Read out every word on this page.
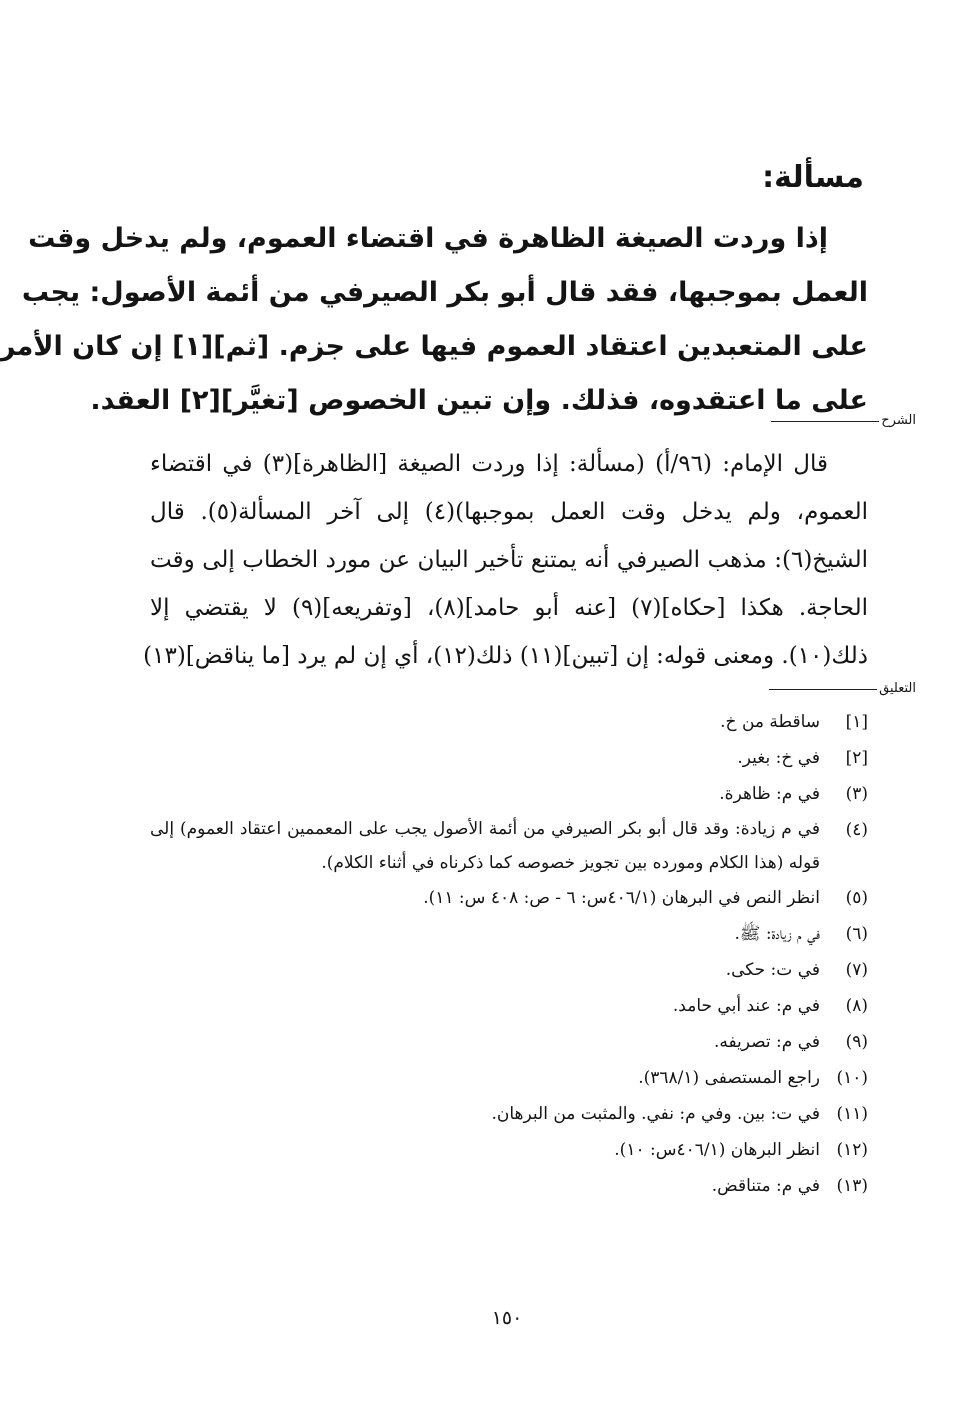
مسألة:
إذا وردت الصيغة الظاهرة في اقتضاء العموم، ولم يدخل وقت
العمل بموجبها، فقد قال أبو بكر الصيرفي من أئمة الأصول: يجب
على المتعبدين اعتقاد العموم فيها على جزم. [ثم][١] إن كان الأمر
على ما اعتقدوه، فذلك. وإن تبين الخصوص [تغيَّر][٢] العقد.
الشرح
قال الإمام: (٩٦/أ) (مسألة: إذا وردت الصيغة [الظاهرة](٣) في اقتضاء
العموم، ولم يدخل وقت العمل بموجبها)(٤) إلى آخر المسألة(٥). قال
الشيخ(٦): مذهب الصيرفي أنه يمتنع تأخير البيان عن مورد الخطاب إلى وقت
الحاجة. هكذا [حكاه](٧) [عنه أبو حامد](٨)، [وتفريعه](٩) لا يقتضي إلا
ذلك(١٠). ومعنى قوله: إن [تبين](١١) ذلك(١٢)، أي إن لم يرد [ما يناقض](١٣)
التعليق
[١]
ساقطة من خ.
[٢]
في خ: بغير.
(٣)
في م: ظاهرة.
(٤)
في م زيادة: وقد قال أبو بكر الصيرفي من أئمة الأصول يجب على المعممين اعتقاد العموم) إلى قوله (هذا الكلام ومورده بين تجويز خصوصه كما ذكرناه في أثناء الكلام).
(٥)
انظر النص في البرهان (٤٠٦/١س: ٦ - ص: ٤٠٨ س: ١١).
(٦)
في م زيادة: ﷺ.
(٧)
في ت: حكى.
(٨)
في م: عند أبي حامد.
(٩)
في م: تصريفه.
(١٠)
راجع المستصفى (٣٦٨/١).
(١١)
في ت: بين. وفي م: نفي. والمثبت من البرهان.
(١٢)
انظر البرهان (٤٠٦/١س: ١٠).
(١٣)
في م: متناقض.
١٥٠
